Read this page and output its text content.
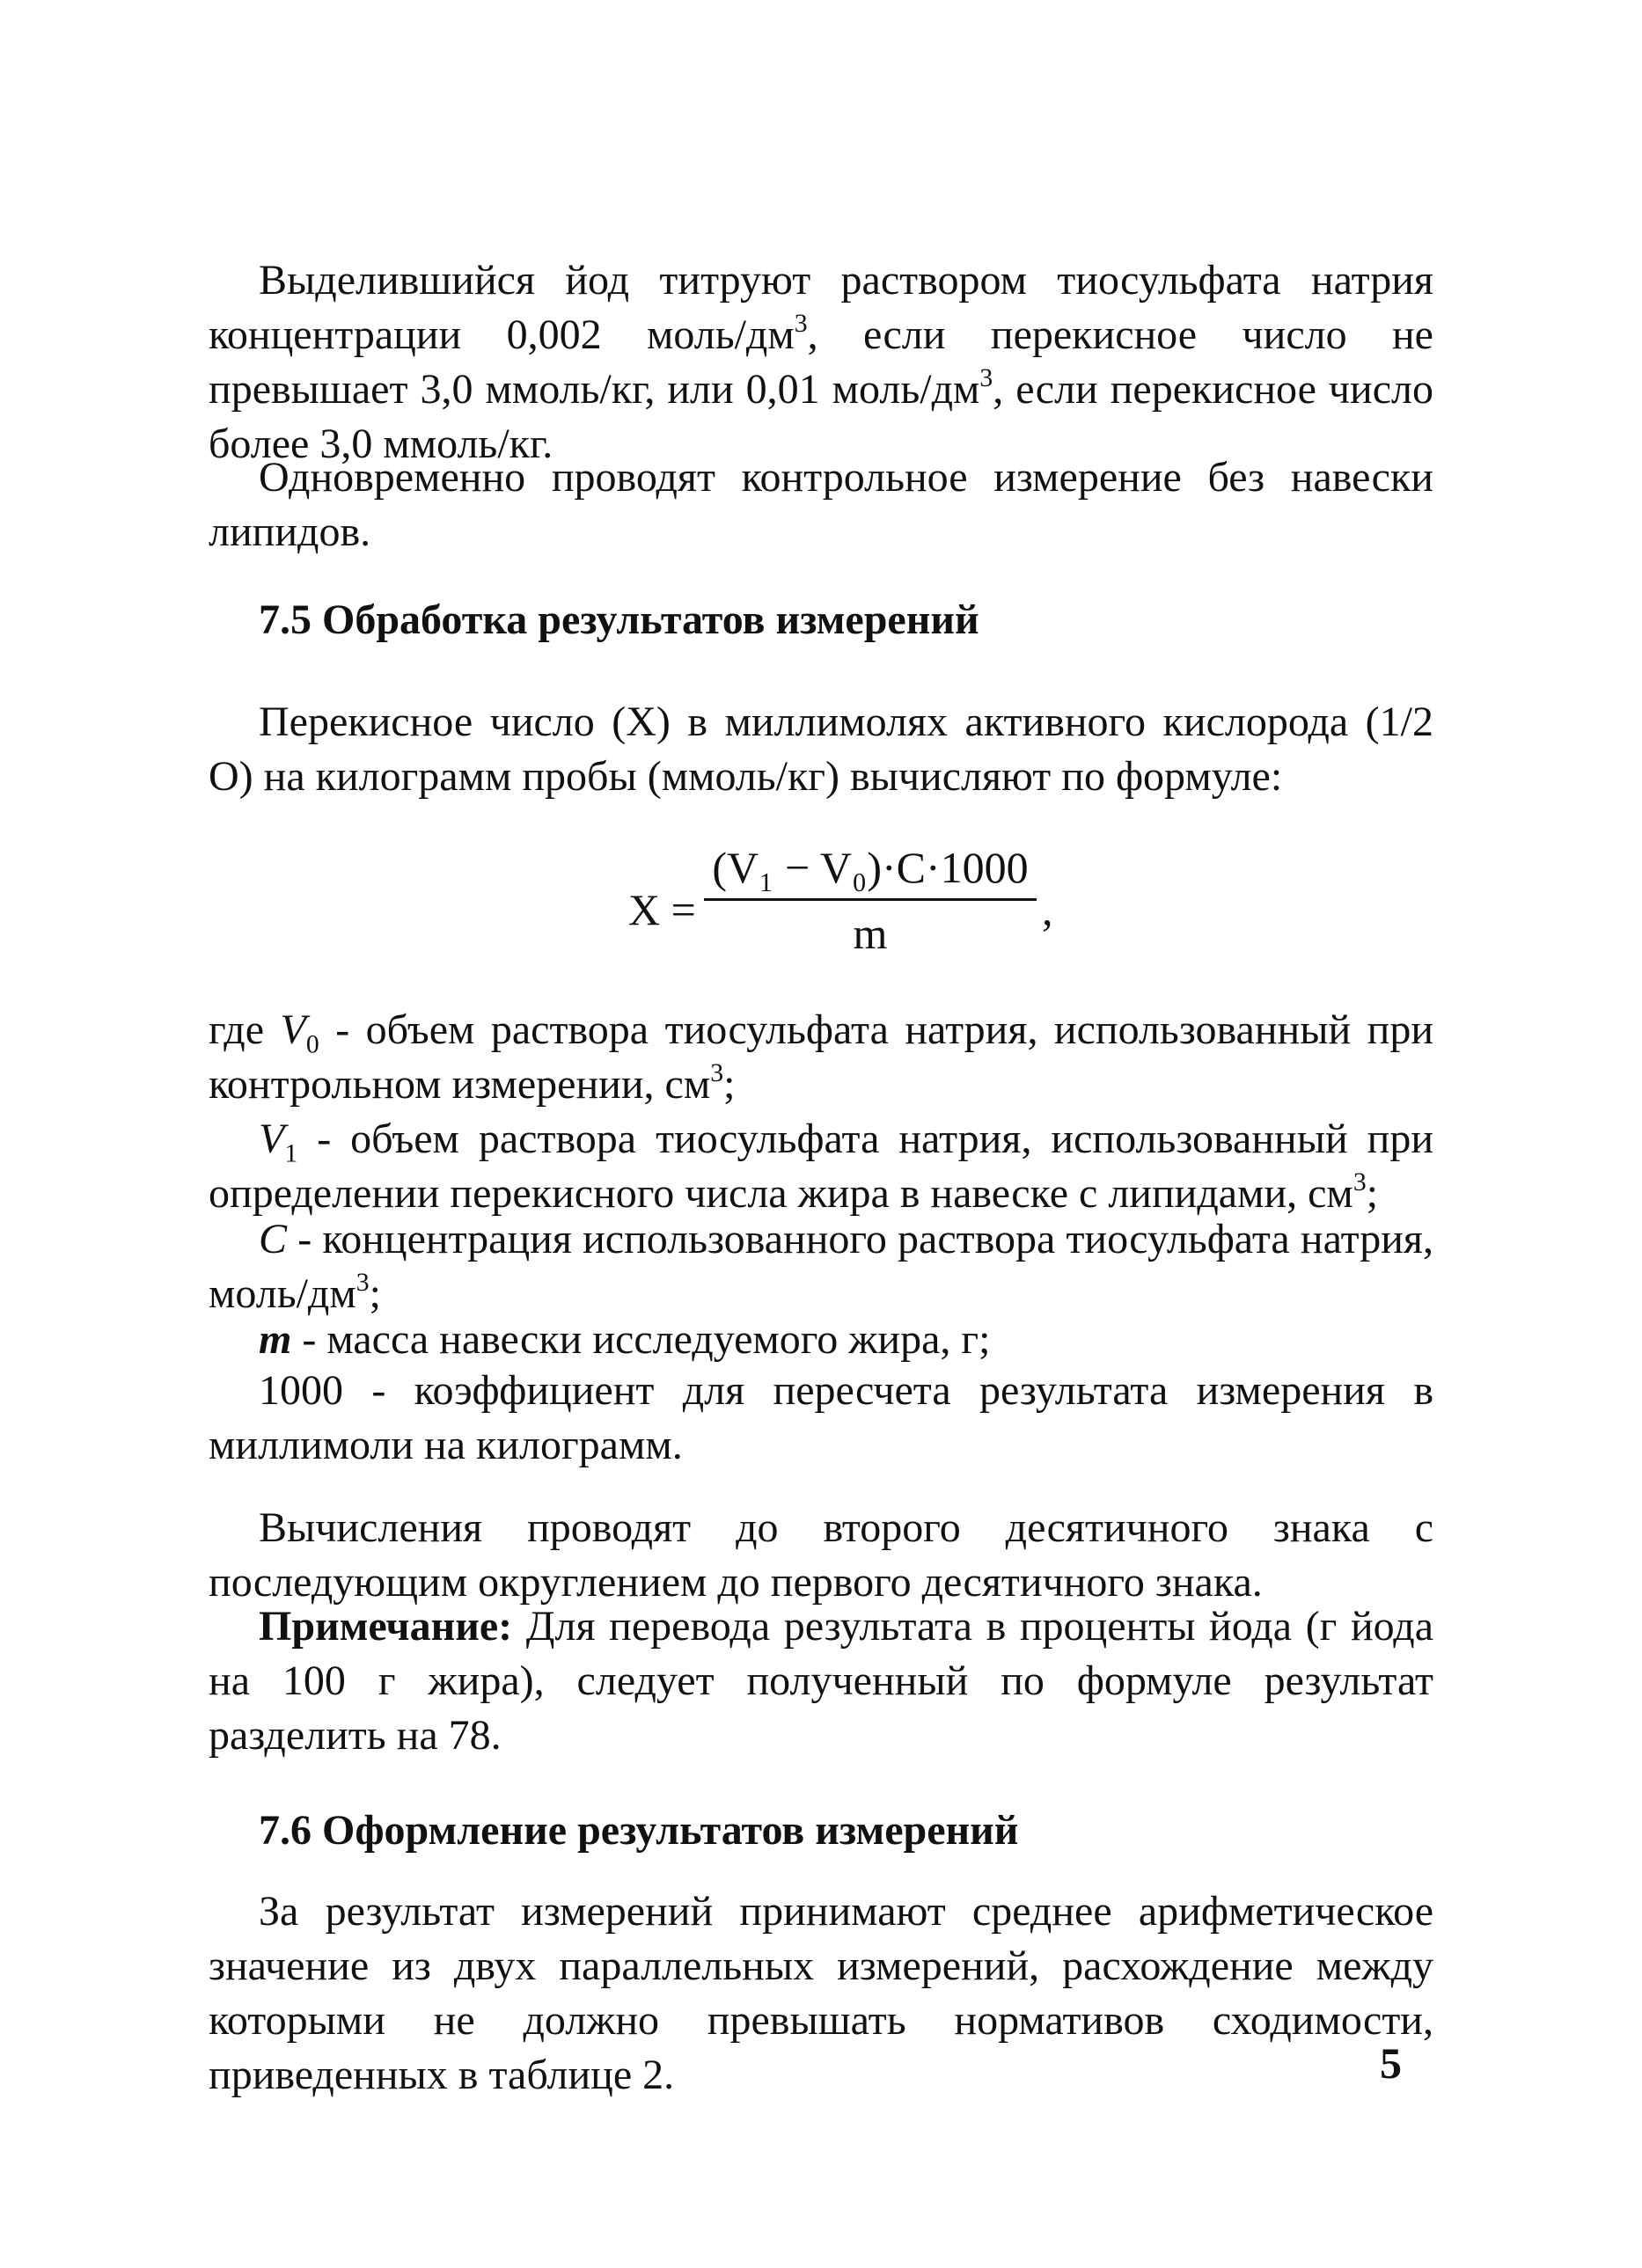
Выделившийся йод титруют раствором тиосульфата натрия концентрации 0,002 моль/$дм^3$, если перекисное число не превышает 3,0 ммоль/кг, или 0,01 моль/$дм^3$, если перекисное число более 3,0 ммоль/кг.

Одновременно проводят контрольное измерение без навески липидов.

7.5 Обработка результатов измерений

Перекисное число (X) в миллимолях активного кислорода (1/2 О) на килограмм пробы (ммоль/кг) вычисляют по формуле:

X =
(V₁ − V₀)·C·1000
m	,

где $V_0$ - объем раствора тиосульфата натрия, использованный при контрольном измерении, $см^3$;

$V_1$ - объем раствора тиосульфата натрия, использованный при определении перекисного числа жира в навеске с липидами, $см^3$;

C - концентрация использованного раствора тиосульфата натрия, моль/$дм^3$;

m - масса навески исследуемого жира, г;

1000 - коэффициент для пересчета результата измерения в миллимоли на килограмм.

Вычисления проводят до второго десятичного знака с последующим округлением до первого десятичного знака.

Примечание: Для перевода результата в проценты йода (г йода на 100 г жира), следует полученный по формуле результат разделить на 78.

7.6 Оформление результатов измерений

За результат измерений принимают среднее арифметическое значение из двух параллельных измерений, расхождение между которыми не должно превышать нормативов сходимости, приведенных в таблице 2.	5
